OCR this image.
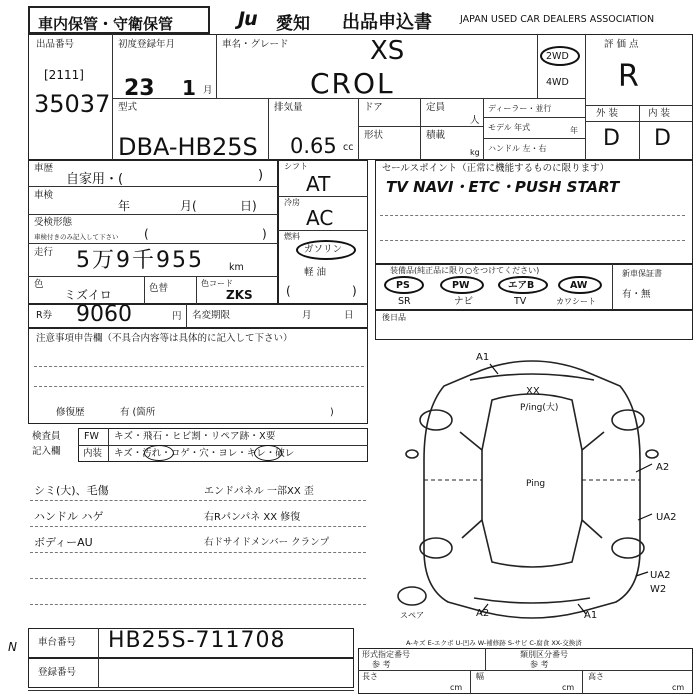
車内保管・守衛保管	Ju 愛知 出品申込書	JAPAN USED CAR DEALERS ASSOCIATION
出品番号
[2111]
35037
初度登録年月
23 1 月
車名・グレード	XS
CROL
2WD
4WD
評 価 点
R
外 装	内 装
D D
型式
DBA-HB25S
排気量
0.65 cc
ドア	定員
人
形状	積載
kg
ディーラー・並行
モデル 年式	年
ハンドル 左・右
車歴
自家用・(	)
車検
年	月(	日)
受検形態
車検付きのみ記入して下さい (	)
走行 5万9千955	km
色
ミズイロ	色替	色コード
ZKS
R券 9060	円 名変期限	月	日
シフト
AT
冷房
AC
燃料
ガソリン
軽 油
(	)
セールスポイント（正常に機能するものに限ります）
TV NAVI・ETC・PUSH START
装備品(純正品に限り○をつけてください)
PS	PW	エアB	AW
SR	ナビ	TV	カワシート
新車保証書
有・無
後日品
注意事項申告欄（不具合内容等は具体的に記入して下さい）
修復歴	有 (箇所	)
検査員
記入欄
FW キズ・飛石・ヒビ割・リペア跡・X要
内装 キズ・汚れ・コゲ・穴・ヨレ・キレ・破レ
シミ(大)、毛傷
ハンドル ハゲ
ボディーAU
エンドパネル 一部XX 歪
右Rパンパネ XX 修復
右ドサイドメンバー クランプ
A1
XX
P/ing(大)
A2
Ping
UA2
UA2
W2
A2	A1
スペア
A-キズ E-エクボ U-凹み W-補修跡 S-サビ C-腐食 XX-交換済
N 車台番号 HB25S-711708
登録番号
形式指定番号
参 考
類別区分番号
参 考
長さ
cm
幅
cm
高さ
cm
